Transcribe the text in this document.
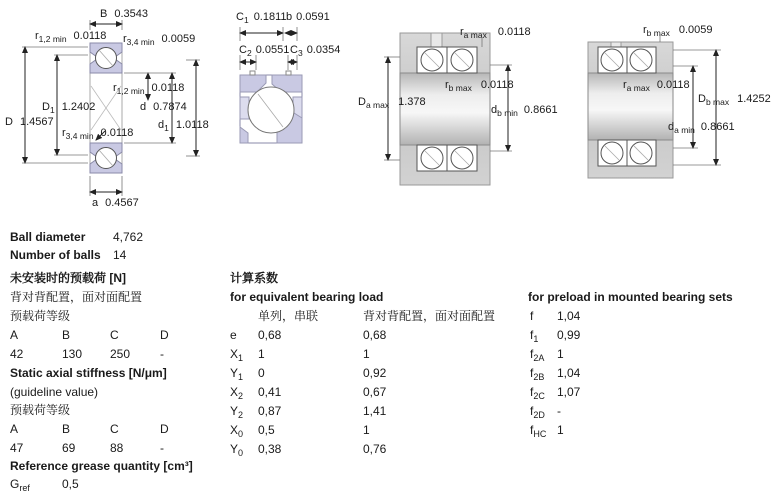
B 0.3543
$r_{1,2 min}$ 0.0118 $r_{3,4 min}$ 0.0059
$r_{1,2 min}$ 0.0118
d 0.7874
$d_1$ 1.0118
$D_1$ 1.2402
D 1.4567
$r_{3,4 min}$ 0.0118
a 0.4567
$C_1$ 0.1811 b 0.0591
$C_2$ 0.0551 $C_3$ 0.0354
$r_{a max}$ 0.0118
$D_{a max}$ 1.378
$r_{b max}$ 0.0118
$d_{b min}$ 0.8661
$r_{b max}$ 0.0059
$r_{a max}$ 0.0118
$D_{b max}$ 1.4252
$d_{a min}$ 0.8661
Ball diameter	4,762
Number of balls	14
未安装时的预载荷 [N]
背对背配置，面对面配置
预载荷等级
A	B	C	D
42	130	250	-
Static axial stiffness [N/μm]
(guideline value)
预载荷等级
A	B	C	D
47	69	88	-
Reference grease quantity [cm³]
$G_{ref}$	0,5
计算系数
for equivalent bearing load
单列，串联	背对背配置，面对面配置
e	0,68	0,68
$X_1$	1	1
$Y_1$	0	0,92
$X_2$	0,41	0,67
$Y_2$	0,87	1,41
$X_0$	0,5	1
$Y_0$	0,38	0,76
for preload in mounted bearing sets
f	1,04
$f_1$	0,99
$f_{2A}$	1
$f_{2B}$	1,04
$f_{2C}$	1,07
$f_{2D}$	-
$f_{HC}$ 1
